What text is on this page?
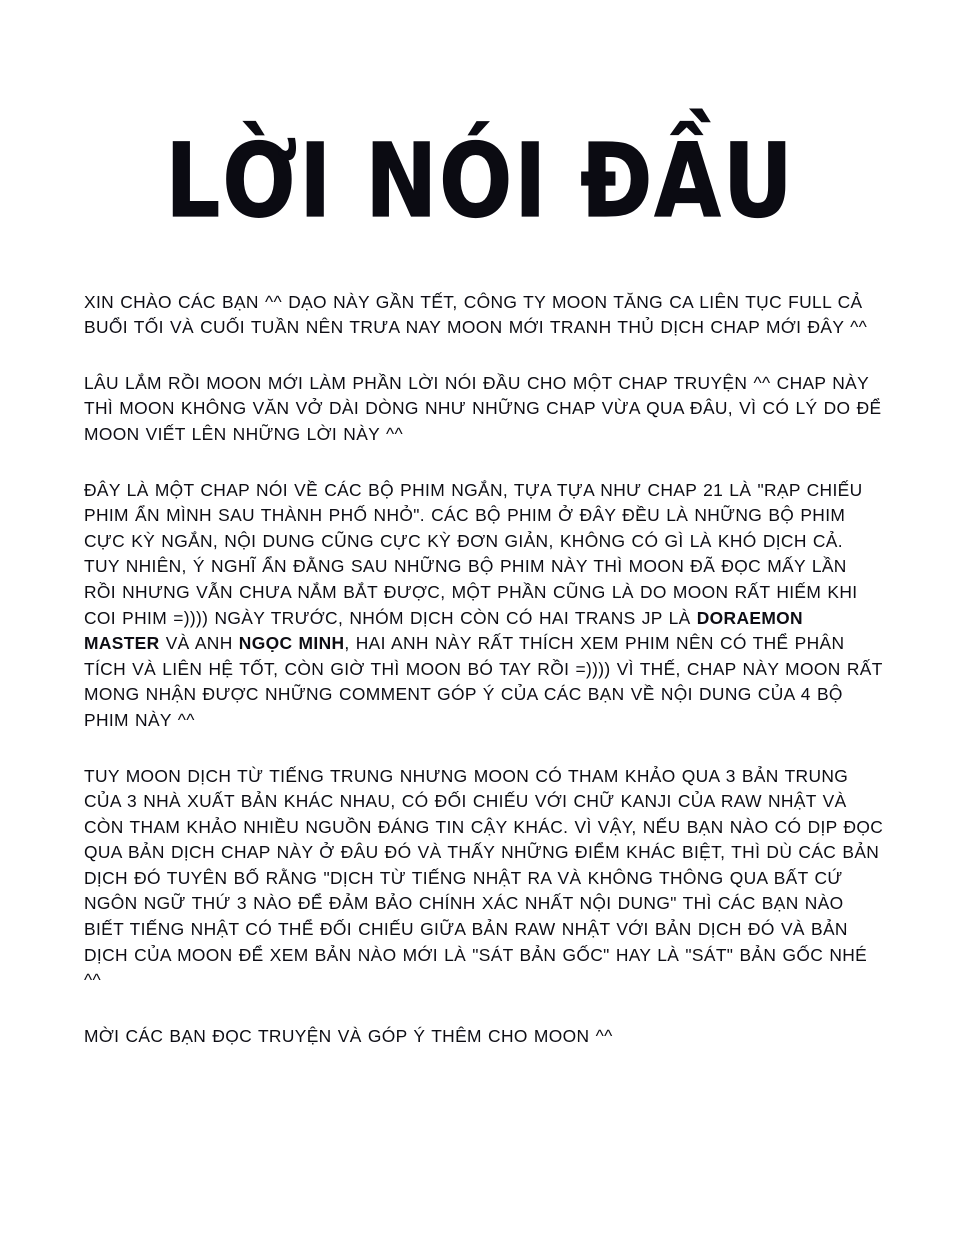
LỜI NÓI ĐẦU

XIN CHÀO CÁC BẠN ^^ DẠO NÀY GẦN TẾT, CÔNG TY MOON TĂNG CA LIÊN TỤC FULL CẢ BUỔI TỐI VÀ CUỐI TUẦN NÊN TRƯA NAY MOON MỚI TRANH THỦ DỊCH CHAP MỚI ĐÂY ^^

LÂU LẮM RỒI MOON MỚI LÀM PHẦN LỜI NÓI ĐẦU CHO MỘT CHAP TRUYỆN ^^ CHAP NÀY THÌ MOON KHÔNG VĂN VỞ DÀI DÒNG NHƯ NHỮNG CHAP VỪA QUA ĐÂU, VÌ CÓ LÝ DO ĐỂ MOON VIẾT LÊN NHỮNG LỜI NÀY ^^

ĐÂY LÀ MỘT CHAP NÓI VỀ CÁC BỘ PHIM NGẮN, TỰA TỰA NHƯ CHAP 21 LÀ "RẠP CHIẾU PHIM ẨN MÌNH SAU THÀNH PHỐ NHỎ". CÁC BỘ PHIM Ở ĐÂY ĐỀU LÀ NHỮNG BỘ PHIM CỰC KỲ NGẮN, NỘI DUNG CŨNG CỰC KỲ ĐƠN GIẢN, KHÔNG CÓ GÌ LÀ KHÓ DỊCH CẢ. TUY NHIÊN, Ý NGHĨ ẨN ĐẰNG SAU NHỮNG BỘ PHIM NÀY THÌ MOON ĐÃ ĐỌC MẤY LẦN RỒI NHƯNG VẪN CHƯA NẮM BẮT ĐƯỢC, MỘT PHẦN CŨNG LÀ DO MOON RẤT HIẾM KHI COI PHIM =)))) NGÀY TRƯỚC, NHÓM DỊCH CÒN CÓ HAI TRANS JP LÀ DORAEMON MASTER VÀ ANH NGỌC MINH, HAI ANH NÀY RẤT THÍCH XEM PHIM NÊN CÓ THỂ PHÂN TÍCH VÀ LIÊN HỆ TỐT, CÒN GIỜ THÌ MOON BÓ TAY RỒI =)))) VÌ THẾ, CHAP NÀY MOON RẤT MONG NHẬN ĐƯỢC NHỮNG COMMENT GÓP Ý CỦA CÁC BẠN VỀ NỘI DUNG CỦA 4 BỘ PHIM NÀY ^^

TUY MOON DỊCH TỪ TIẾNG TRUNG NHƯNG MOON CÓ THAM KHẢO QUA 3 BẢN TRUNG CỦA 3 NHÀ XUẤT BẢN KHÁC NHAU, CÓ ĐỐI CHIẾU VỚI CHỮ KANJI CỦA RAW NHẬT VÀ CÒN THAM KHẢO NHIỀU NGUỒN ĐÁNG TIN CẬY KHÁC. VÌ VẬY, NẾU BẠN NÀO CÓ DỊP ĐỌC QUA BẢN DỊCH CHAP NÀY Ở ĐÂU ĐÓ VÀ THẤY NHỮNG ĐIỂM KHÁC BIỆT, THÌ DÙ CÁC BẢN DỊCH ĐÓ TUYÊN BỐ RẰNG "DỊCH TỪ TIẾNG NHẬT RA VÀ KHÔNG THÔNG QUA BẤT CỨ NGÔN NGỮ THỨ 3 NÀO ĐỂ ĐẢM BẢO CHÍNH XÁC NHẤT NỘI DUNG" THÌ CÁC BẠN NÀO BIẾT TIẾNG NHẬT CÓ THỂ ĐỐI CHIẾU GIỮA BẢN RAW NHẬT VỚI BẢN DỊCH ĐÓ VÀ BẢN DỊCH CỦA MOON ĐỂ XEM BẢN NÀO MỚI LÀ "SÁT BẢN GỐC" HAY LÀ "SÁT" BẢN GỐC NHÉ ^^

MỜI CÁC BẠN ĐỌC TRUYỆN VÀ GÓP Ý THÊM CHO MOON ^^
